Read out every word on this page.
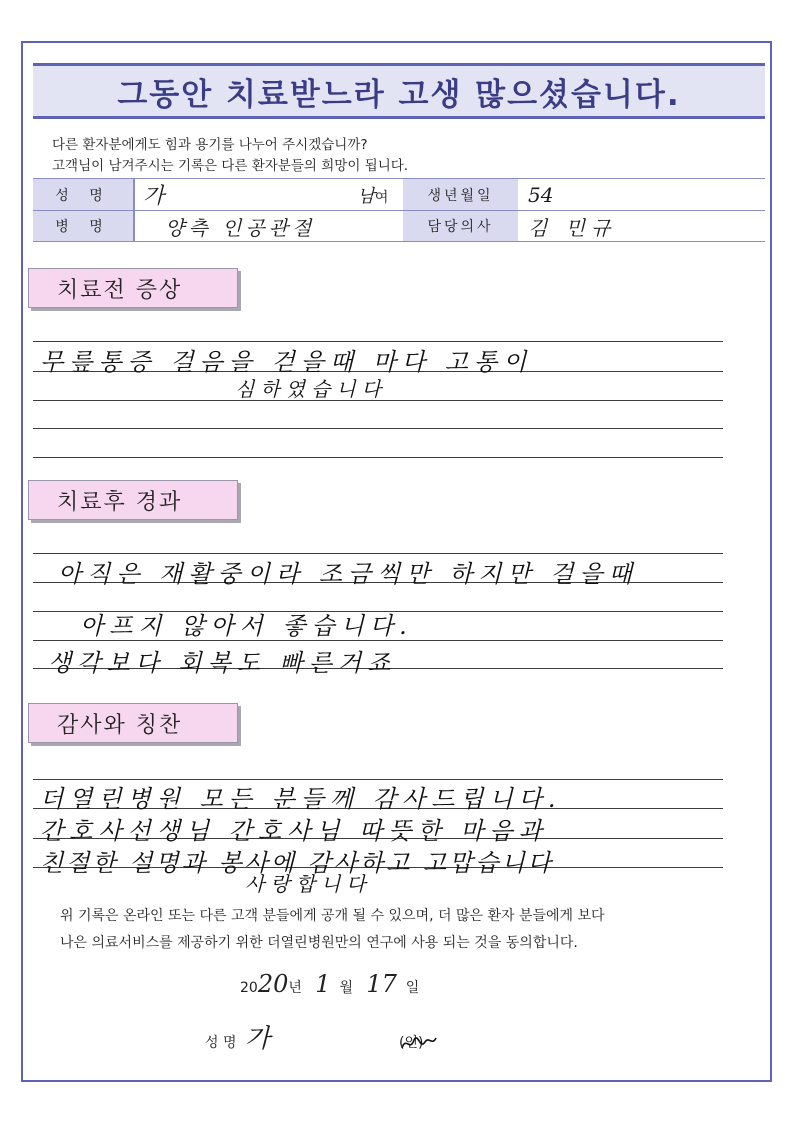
그동안 치료받느라 고생 많으셨습니다.
다른 환자분에게도 힘과 용기를 나누어 주시겠습니까?
고객님이 남겨주시는 기록은 다른 환자분들의 희망이 됩니다.
성 명		가	남여	생년월일	54
병 명		양측 인공관절		담당의사	김 민규
치료전 증상
무릎통증 걸음을 걷을때 마다 고통이
심하였습니다
치료후 경과
아직은 재활중이라 조금씩만 하지만 걸을때
아프지 않아서 좋습니다.
생각보다 회복도 빠른거죠
감사와 칭찬
더열린병원 모든 분들께 감사드립니다.
간호사선생님 간호사님 따뜻한 마음과
친절한 설명과 봉사에 감사하고 고맙습니다
사랑합니다
위 기록은 온라인 또는 다른 고객 분들에게 공개 될 수 있으며, 더 많은 환자 분들에게 보다
나은 의료서비스를 제공하기 위한 더열린병원만의 연구에 사용 되는 것을 동의합니다.
2020년 1 월 17 일
성 명 가	(인)
